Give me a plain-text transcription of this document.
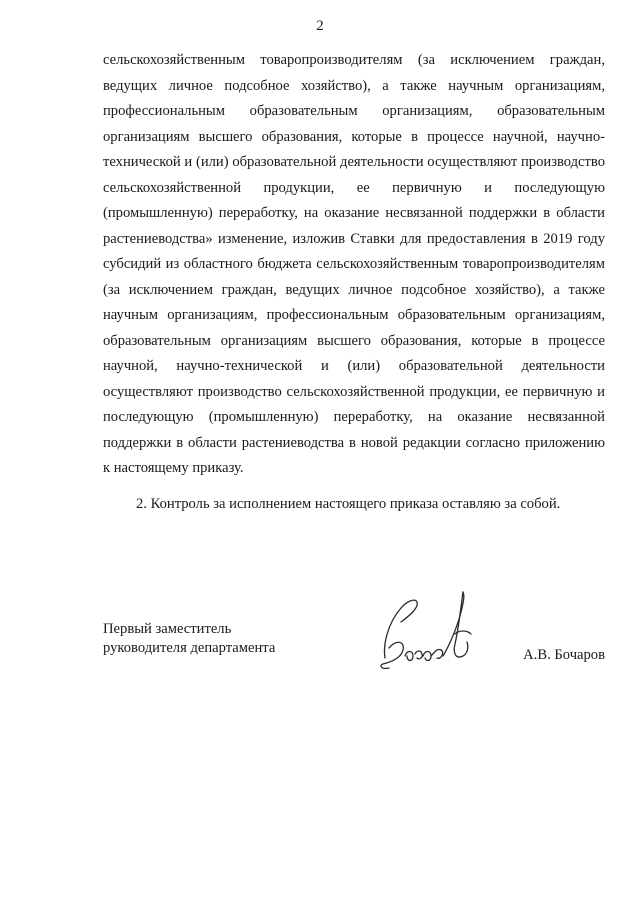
2

сельскохозяйственным товаропроизводителям (за исключением граждан, ведущих личное подсобное хозяйство), а также научным организациям, профессиональным образовательным организациям, образовательным организациям высшего образования, которые в процессе научной, научно-технической и (или) образовательной деятельности осуществляют производство сельскохозяйственной продукции, ее первичную и последующую (промышленную) переработку, на оказание несвязанной поддержки в области растениеводства» изменение, изложив Ставки для предоставления в 2019 году субсидий из областного бюджета сельскохозяйственным товаропроизводителям (за исключением граждан, ведущих личное подсобное хозяйство), а также научным организациям, профессиональным образовательным организациям, образовательным организациям высшего образования, которые в процессе научной, научно-технической и (или) образовательной деятельности осуществляют производство сельскохозяйственной продукции, ее первичную и последующую (промышленную) переработку, на оказание несвязанной поддержки в области растениеводства в новой редакции согласно приложению к настоящему приказу.

2. Контроль за исполнением настоящего приказа оставляю за собой.

Первый заместитель
руководителя департамента	А.В. Бочаров
